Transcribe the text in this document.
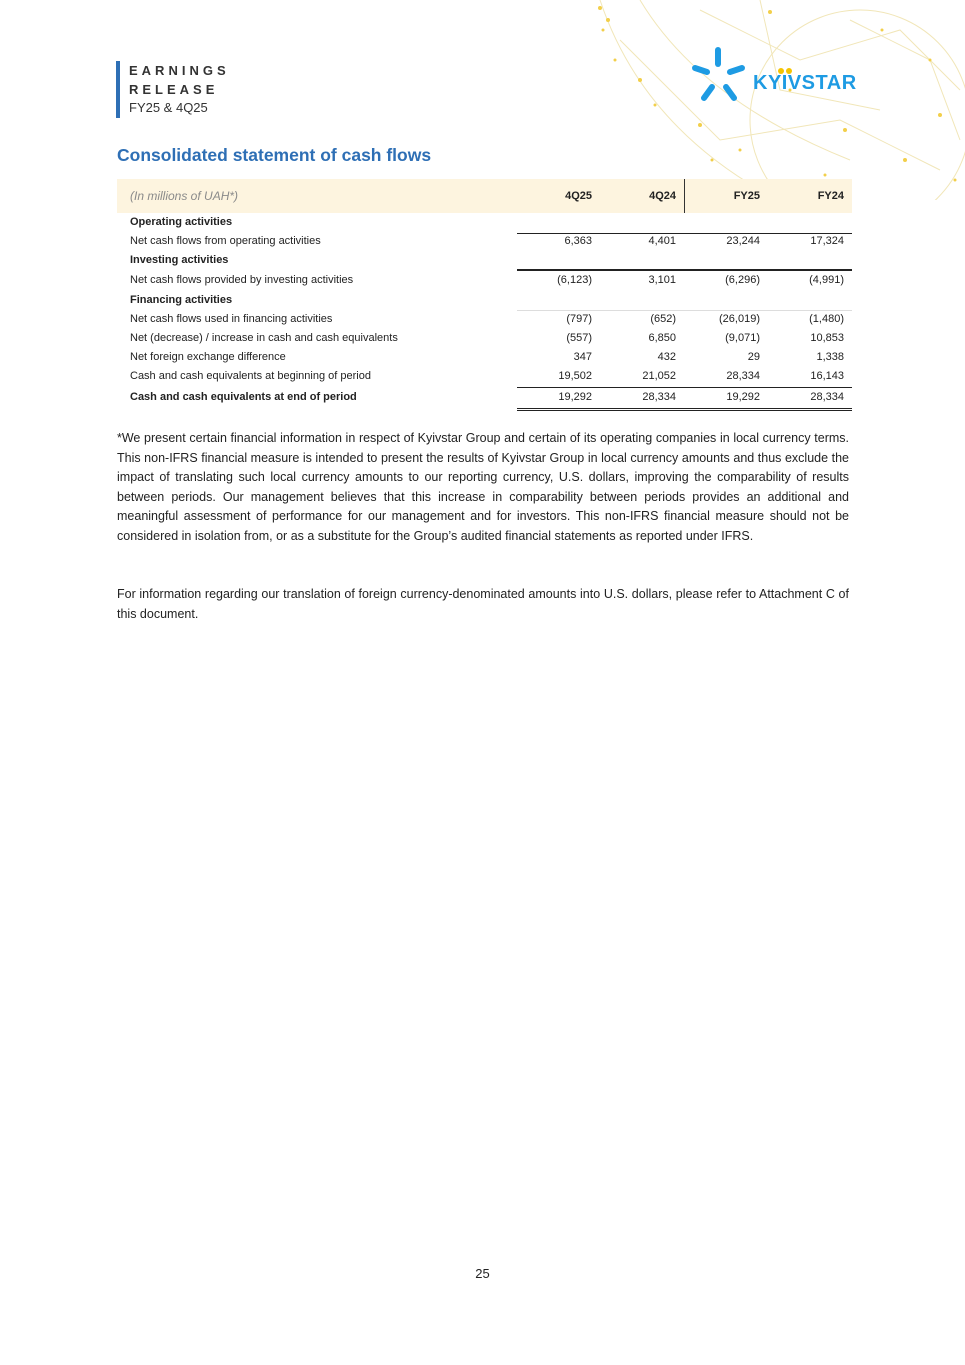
EARNINGS
RELEASE
FY25 & 4Q25
KYIVSTAR
Consolidated statement of cash flows
(In millions of UAH*)	4Q25	4Q24	FY25	FY24
Operating activities
Net cash flows from operating activities	6,363	4,401	23,244	17,324
Investing activities
Net cash flows provided by investing activities	(6,123)	3,101	(6,296)	(4,991)
Financing activities
Net cash flows used in financing activities	(797)	(652)	(26,019)	(1,480)
Net (decrease) / increase in cash and cash equivalents	(557)	6,850	(9,071)	10,853
Net foreign exchange difference	347	432	29	1,338
Cash and cash equivalents at beginning of period	19,502	21,052	28,334	16,143
Cash and cash equivalents at end of period	19,292	28,334	19,292	28,334

*We present certain financial information in respect of Kyivstar Group and certain of its operating companies in local currency terms. This non-IFRS financial measure is intended to present the results of Kyivstar Group in local currency amounts and thus exclude the impact of translating such local currency amounts to our reporting currency, U.S. dollars, improving the comparability of results between periods. Our management believes that this increase in comparability between periods provides an additional and meaningful assessment of performance for our management and for investors. This non-IFRS financial measure should not be considered in isolation from, or as a substitute for the Group’s audited financial statements as reported under IFRS.

For information regarding our translation of foreign currency-denominated amounts into U.S. dollars, please refer to Attachment C of this document.

25
